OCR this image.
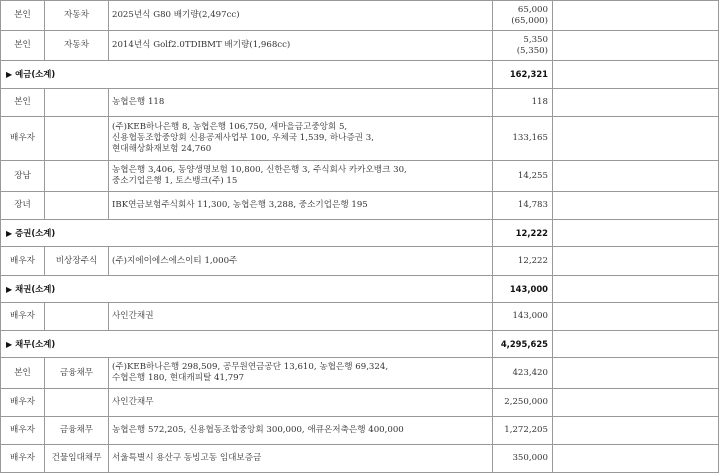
본인	자동차	2025년식 G80 배기량(2,497cc)	65,000
(65,000)	

본인	자동차	2014년식 Golf2.0TDIBMT 배기량(1,968cc)	5,350
(5,350)	

▶ 예금(소계)			162,321	
본인		농협은행 118	118	

배우자		(주)KEB하나은행 8, 농협은행 106,750, 새마을금고중앙회 5,
신용협동조합중앙회 신용공제사업부 100, 우체국 1,539, 하나증권 3,
현대해상화재보험 24,760	133,165	

장남		농협은행 3,406, 동양생명보험 10,800, 신한은행 3, 주식회사 카카오뱅크 30,
중소기업은행 1, 토스뱅크(주) 15	14,255	

장녀		IBK연금보험주식회사 11,300, 농협은행 3,288, 중소기업은행 195	14,783	

▶ 증권(소계)			12,222	
배우자	비상장주식	(주)지에이에스에스이티 1,000주	12,222	

▶ 채권(소계)			143,000	
배우자		사인간채권	143,000	

▶ 채무(소계)			4,295,625	
본인	금융채무	(주)KEB하나은행 298,509, 공무원연금공단 13,610, 농협은행 69,324,
수협은행 180, 현대캐피탈 41,797	423,420	

배우자		사인간채무	2,250,000	

배우자	금융채무	농협은행 572,205, 신용협동조합중앙회 300,000, 애큐온저축은행 400,000	1,272,205	

배우자	건물임대채무	서울특별시 용산구 동빙고동 임대보증금	350,000	
